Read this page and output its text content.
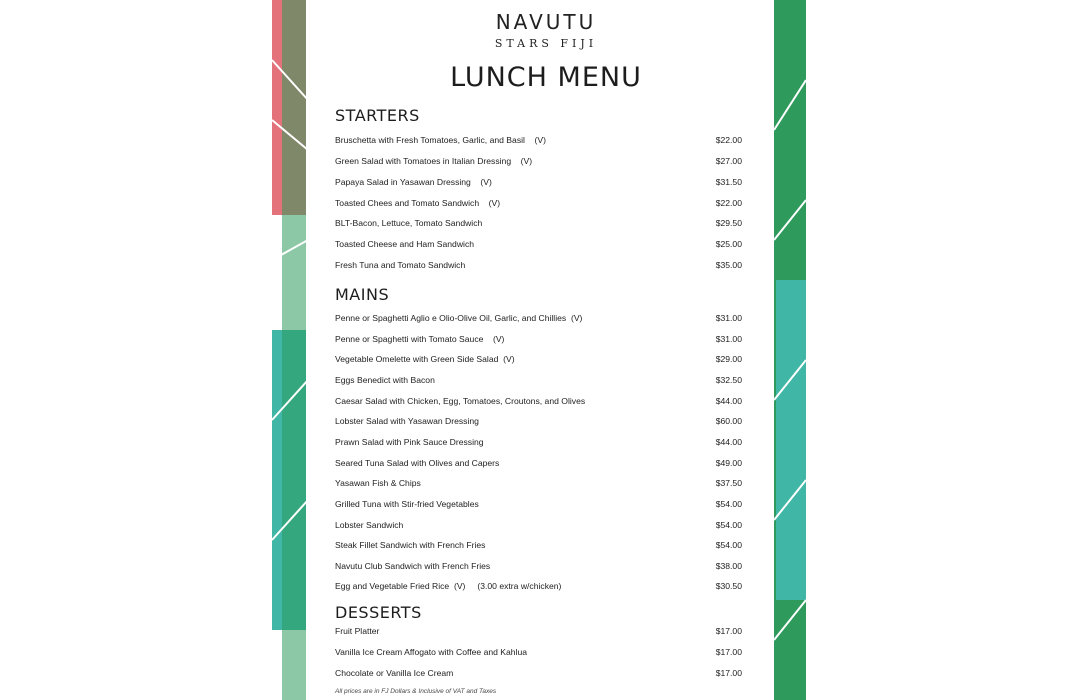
NAVUTU
STARS FIJI
LUNCH MENU
STARTERS
Bruschetta with Fresh Tomatoes, Garlic, and Basil    (V)	$22.00
Green Salad with Tomatoes in Italian Dressing    (V)	$27.00
Papaya Salad in Yasawan Dressing    (V)	$31.50
Toasted Chees and Tomato Sandwich    (V)	$22.00
BLT-Bacon, Lettuce, Tomato Sandwich	$29.50
Toasted Cheese and Ham Sandwich	$25.00
Fresh Tuna and Tomato Sandwich	$35.00
MAINS
Penne or Spaghetti Aglio e Olio-Olive Oil, Garlic, and Chillies  (V)	$31.00
Penne or Spaghetti with Tomato Sauce    (V)	$31.00
Vegetable Omelette with Green Side Salad  (V)	$29.00
Eggs Benedict with Bacon	$32.50
Caesar Salad with Chicken, Egg, Tomatoes, Croutons, and Olives	$44.00
Lobster Salad with Yasawan Dressing	$60.00
Prawn Salad with Pink Sauce Dressing	$44.00
Seared Tuna Salad with Olives and Capers	$49.00
Yasawan Fish & Chips	$37.50
Grilled Tuna with Stir-fried Vegetables	$54.00
Lobster Sandwich	$54.00
Steak Fillet Sandwich with French Fries	$54.00
Navutu Club Sandwich with French Fries	$38.00
Egg and Vegetable Fried Rice  (V)     (3.00 extra w/chicken)	$30.50
DESSERTS
Fruit Platter	$17.00
Vanilla Ice Cream Affogato with Coffee and Kahlua	$17.00
Chocolate or Vanilla Ice Cream	$17.00
All prices are in FJ Dollars & Inclusive of VAT and Taxes
